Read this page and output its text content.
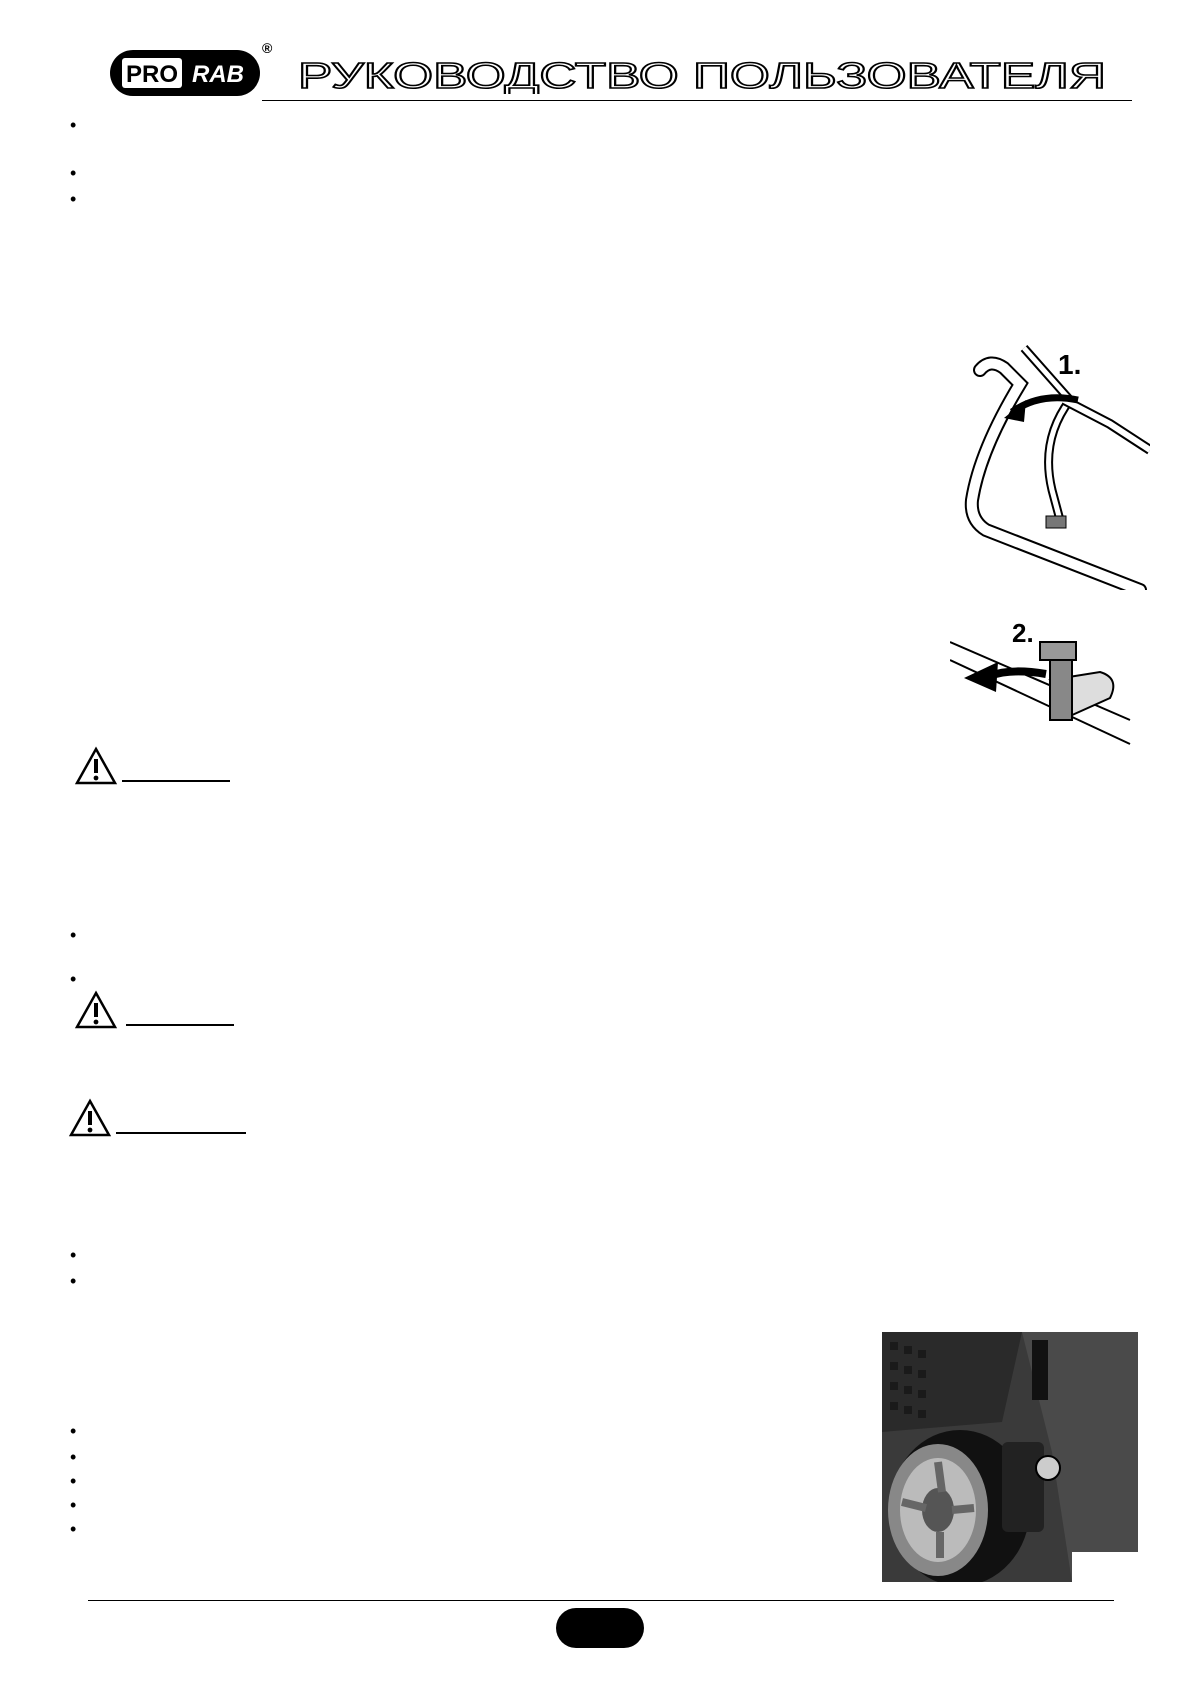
PRO RAB
®
РУКОВОДСТВО ПОЛЬЗОВАТЕЛЯ
•
•
•
1.
2.
•
•
•
•
•
•
•
•
•
